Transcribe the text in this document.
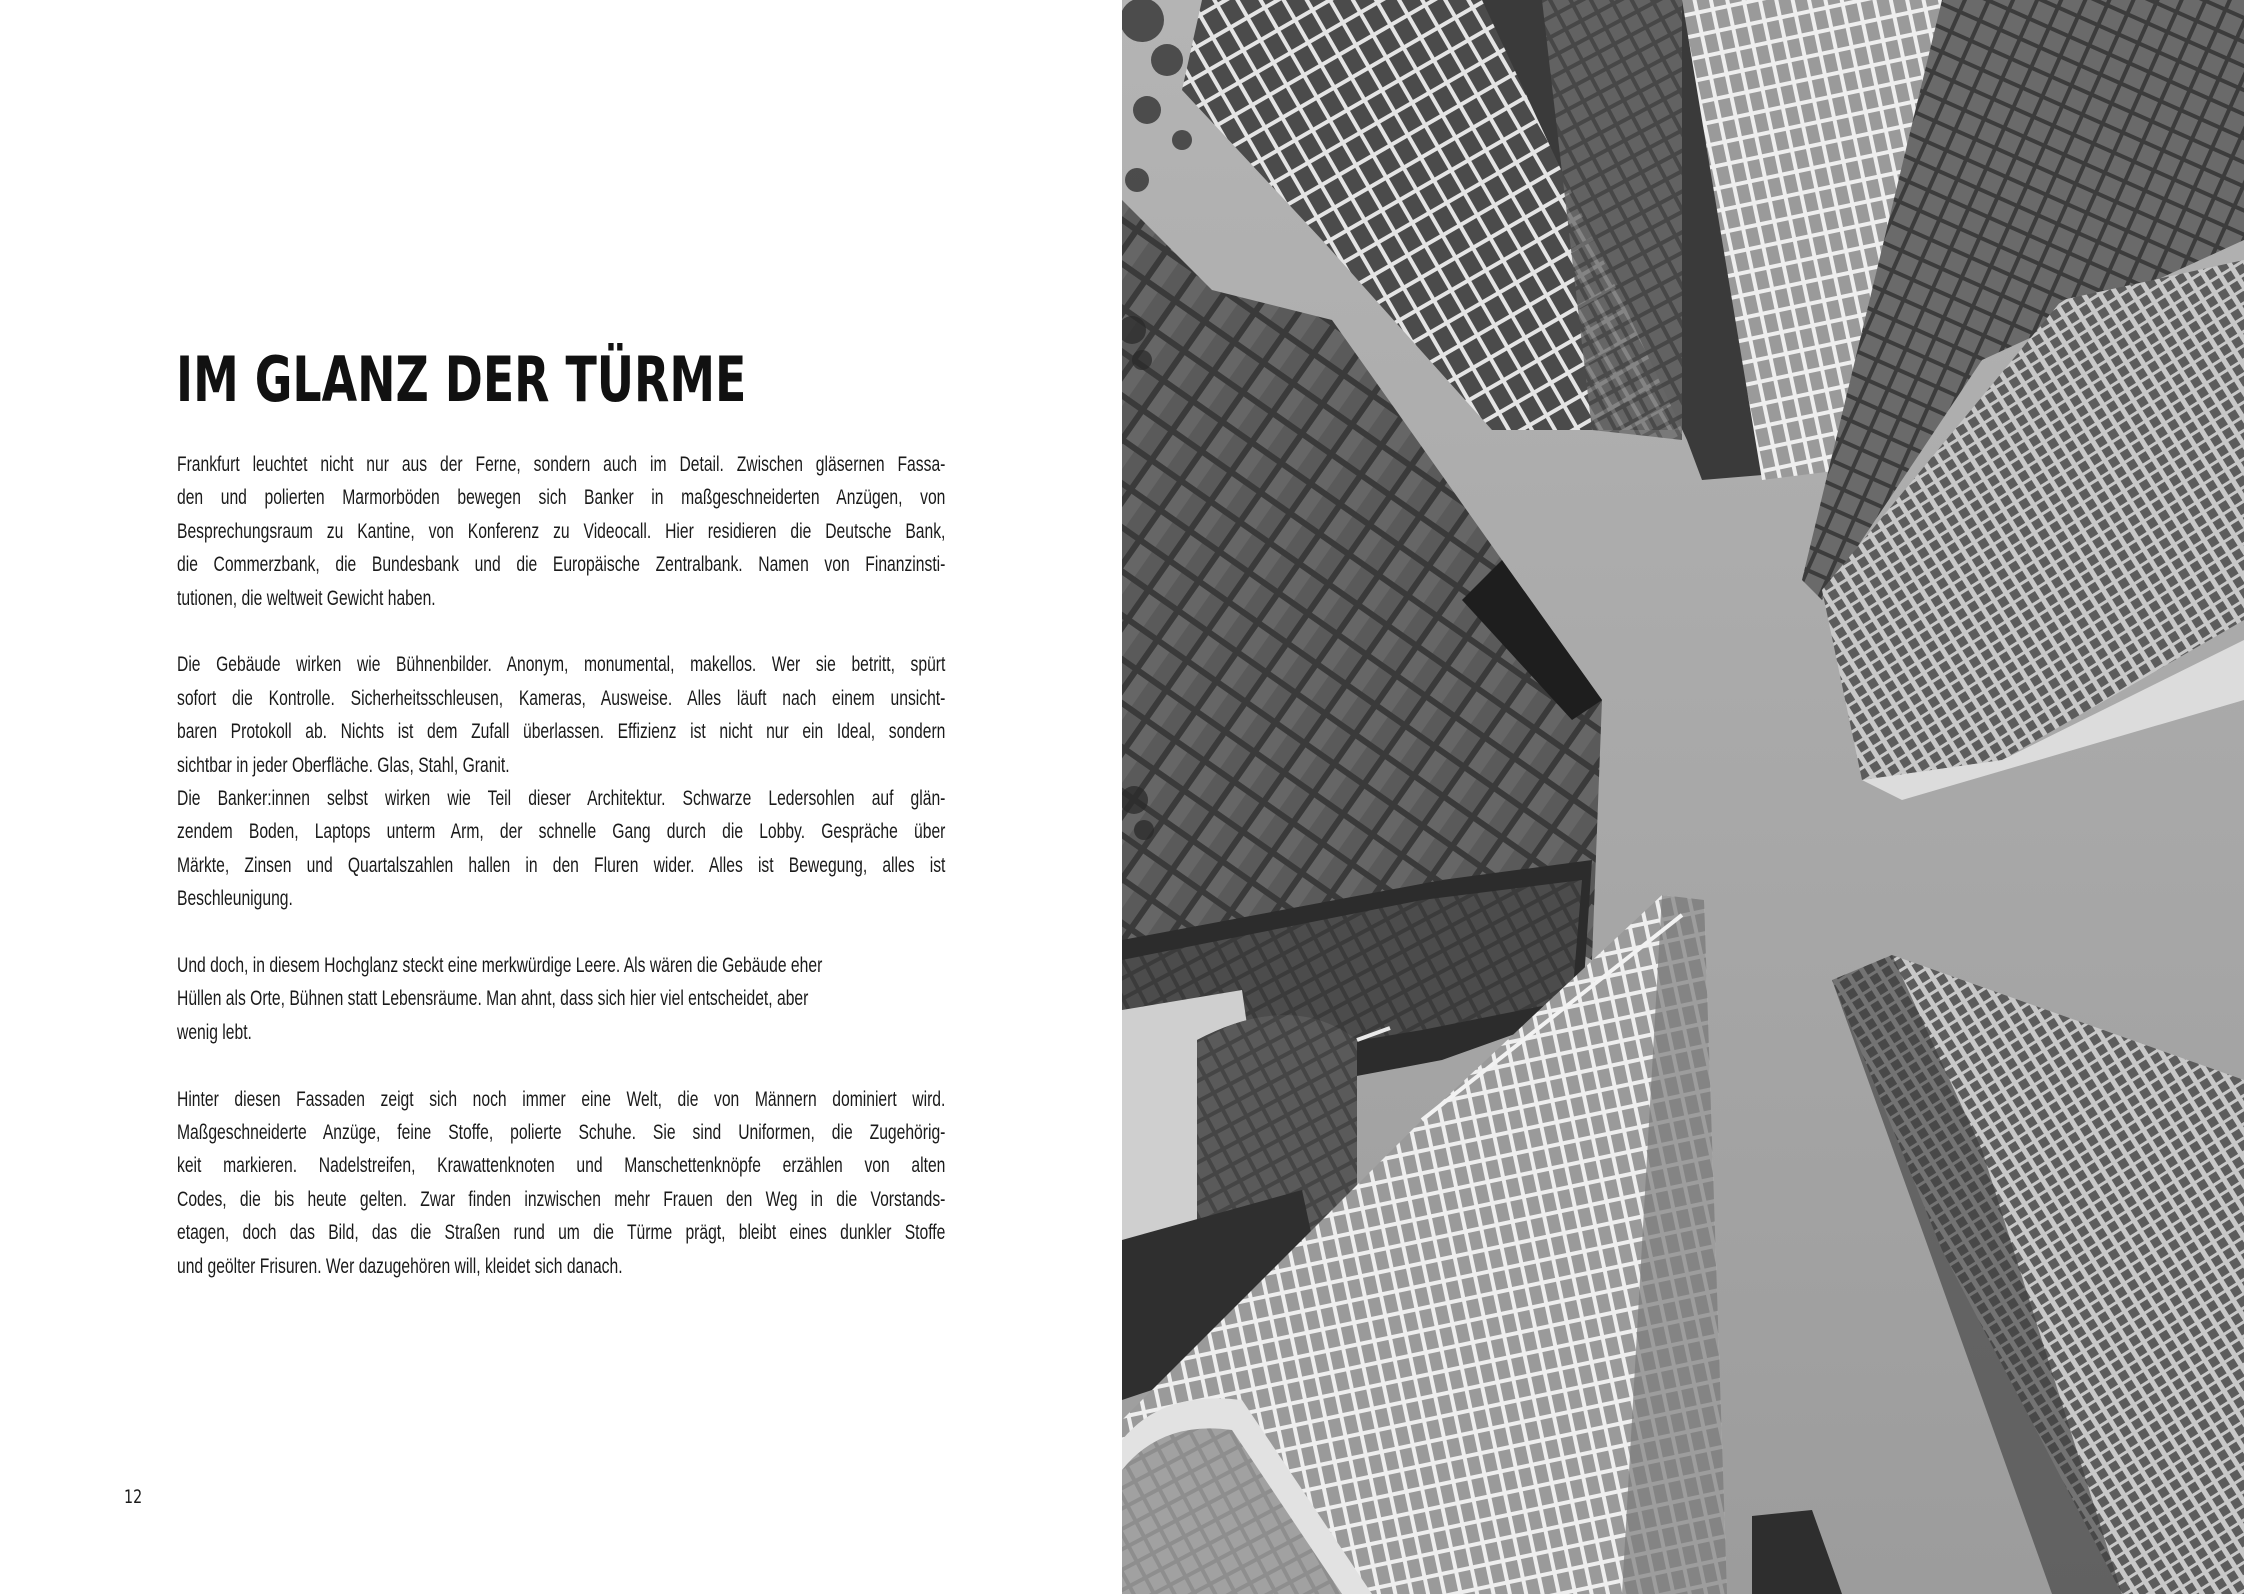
IM GLANZ DER TÜRME

Frankfurt leuchtet nicht nur aus der Ferne, sondern auch im Detail. Zwischen gläsernen Fassa-
den und polierten Marmorböden bewegen sich Banker in maßgeschneiderten Anzügen, von
Besprechungsraum zu Kantine, von Konferenz zu Videocall. Hier residieren die Deutsche Bank,
die Commerzbank, die Bundesbank und die Europäische Zentralbank. Namen von Finanzinsti-
tutionen, die weltweit Gewicht haben.

Die Gebäude wirken wie Bühnenbilder. Anonym, monumental, makellos. Wer sie betritt, spürt
sofort die Kontrolle. Sicherheitsschleusen, Kameras, Ausweise. Alles läuft nach einem unsicht-
baren Protokoll ab. Nichts ist dem Zufall überlassen. Effizienz ist nicht nur ein Ideal, sondern
sichtbar in jeder Oberfläche. Glas, Stahl, Granit.

Die Banker:innen selbst wirken wie Teil dieser Architektur. Schwarze Ledersohlen auf glän-
zendem Boden, Laptops unterm Arm, der schnelle Gang durch die Lobby. Gespräche über
Märkte, Zinsen und Quartalszahlen hallen in den Fluren wider. Alles ist Bewegung, alles ist
Beschleunigung.

Und doch, in diesem Hochglanz steckt eine merkwürdige Leere. Als wären die Gebäude eher
Hüllen als Orte, Bühnen statt Lebensräume. Man ahnt, dass sich hier viel entscheidet, aber
wenig lebt.

Hinter diesen Fassaden zeigt sich noch immer eine Welt, die von Männern dominiert wird.
Maßgeschneiderte Anzüge, feine Stoffe, polierte Schuhe. Sie sind Uniformen, die Zugehörig-
keit markieren. Nadelstreifen, Krawattenknoten und Manschettenknöpfe erzählen von alten
Codes, die bis heute gelten. Zwar finden inzwischen mehr Frauen den Weg in die Vorstands-
etagen, doch das Bild, das die Straßen rund um die Türme prägt, bleibt eines dunkler Stoffe
und geölter Frisuren. Wer dazugehören will, kleidet sich danach.

12
